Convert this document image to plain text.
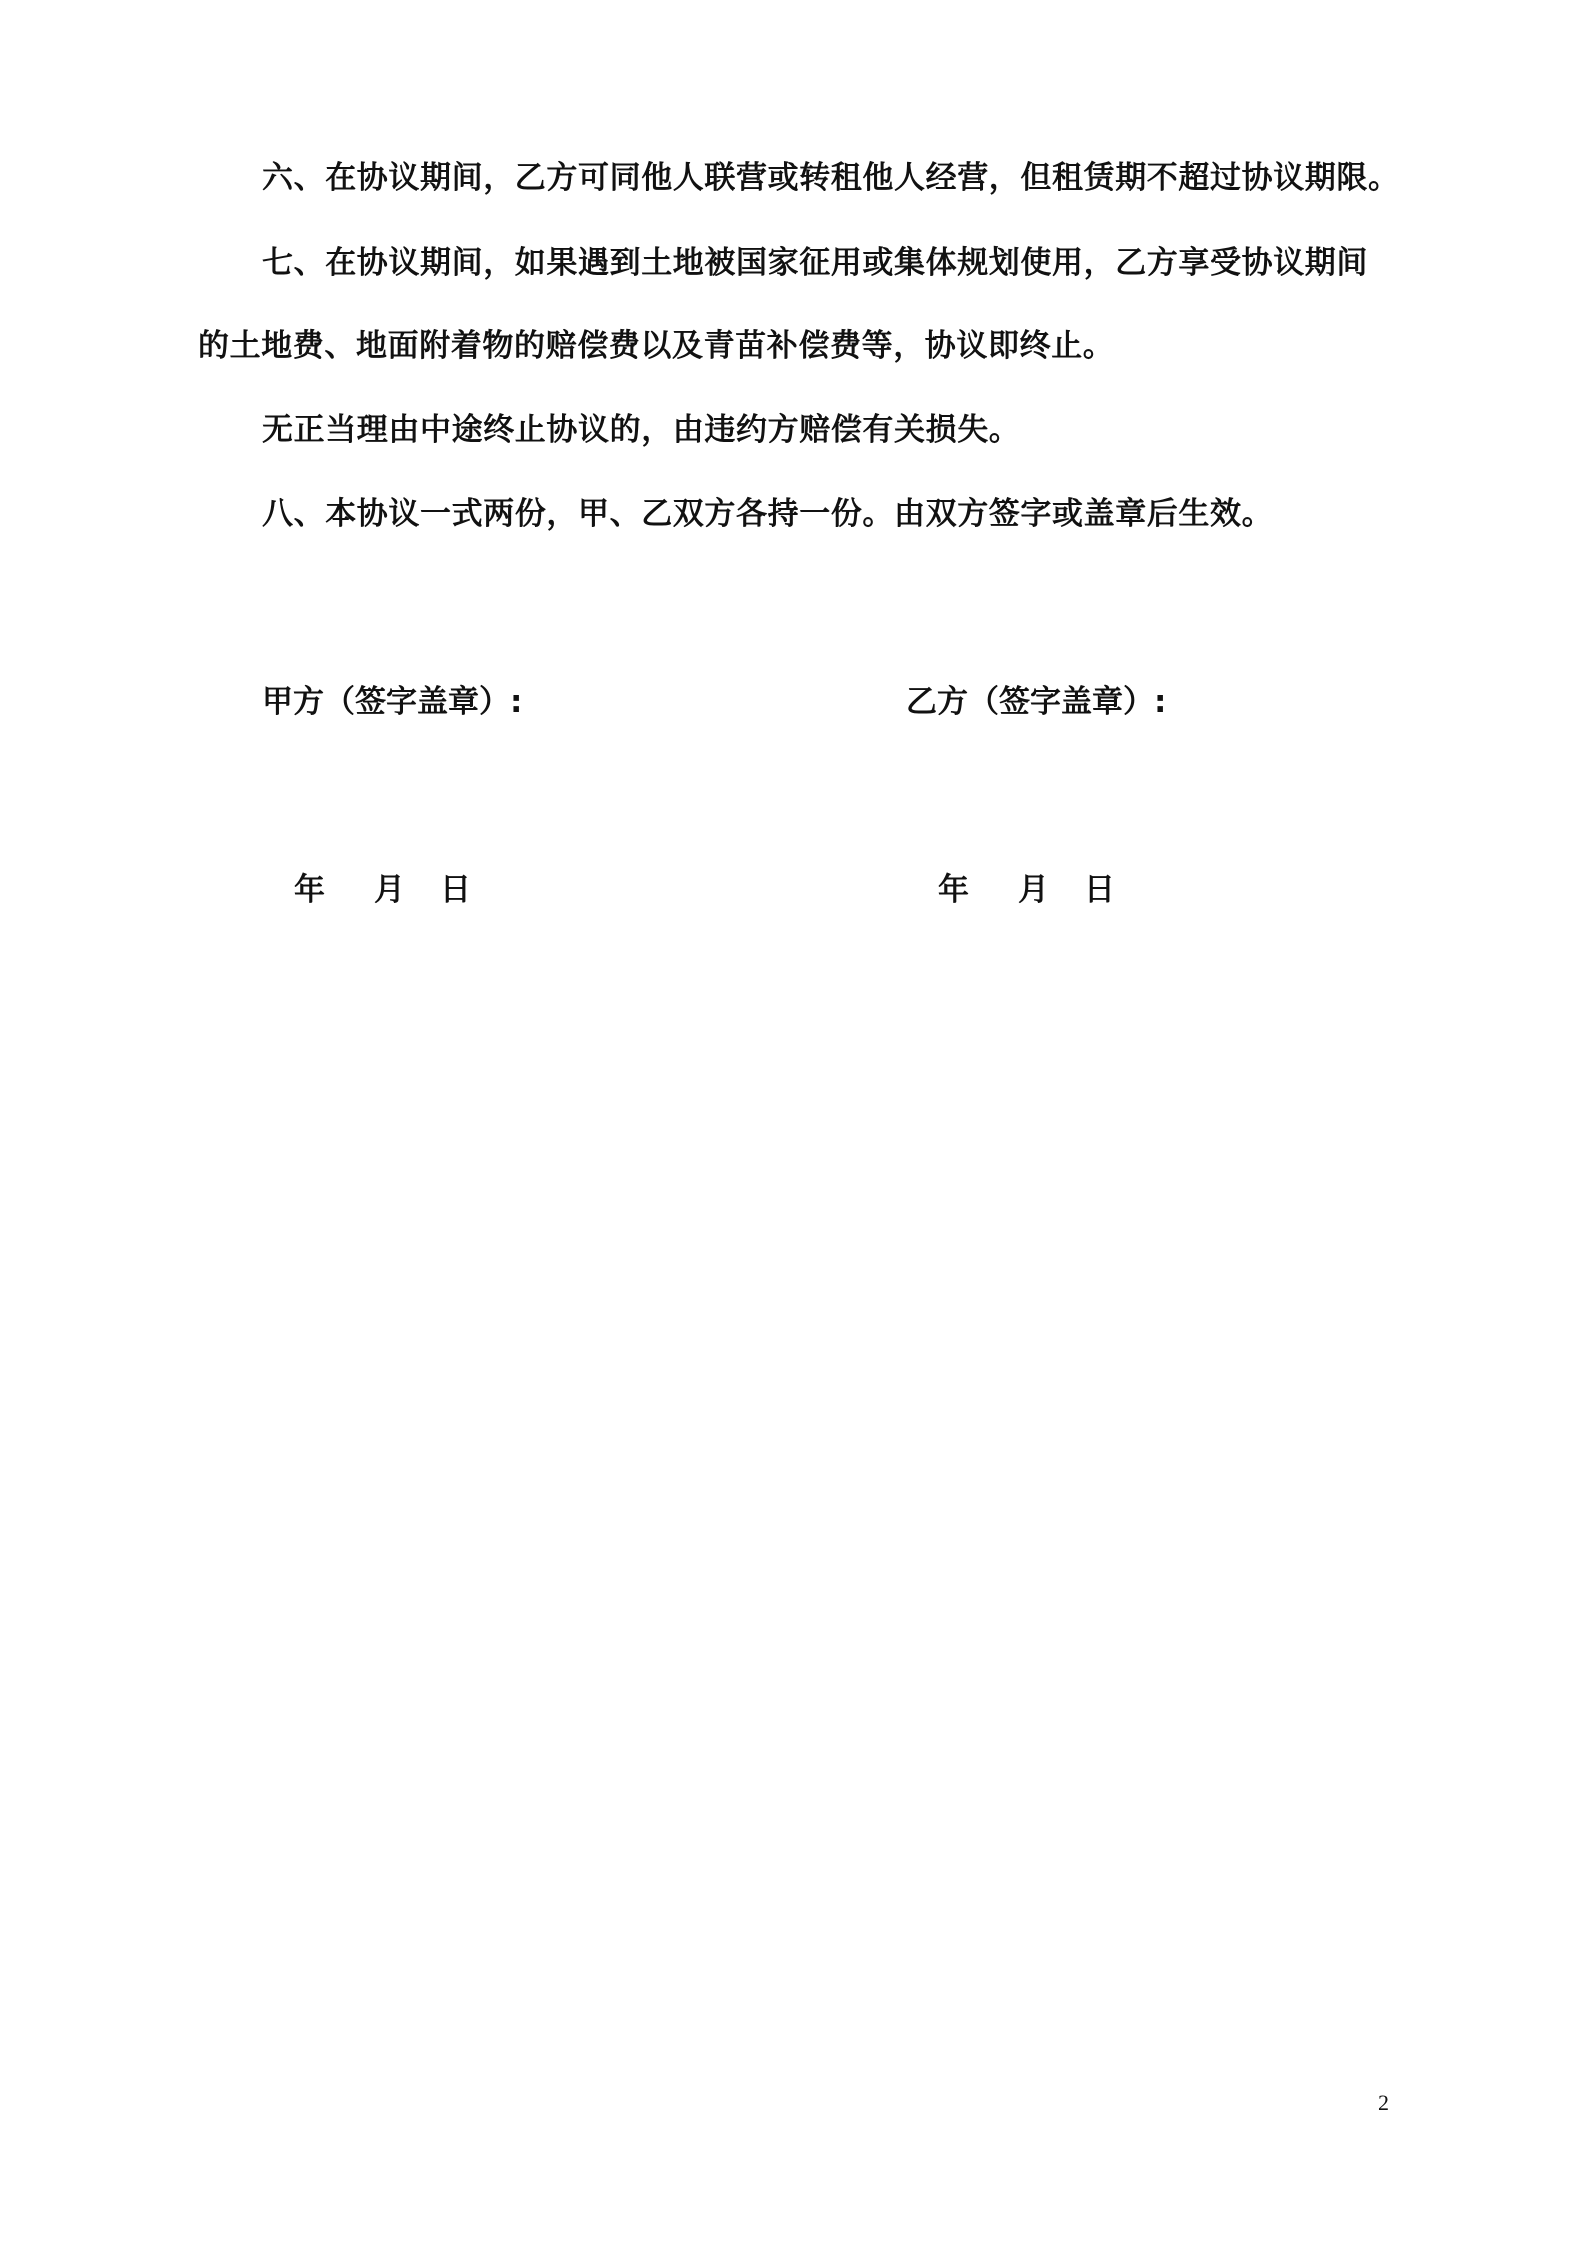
六、在协议期间，乙方可同他人联营或转租他人经营，但租赁期不超过协议期限。
七、在协议期间，如果遇到土地被国家征用或集体规划使用，乙方享受协议期间
的土地费、地面附着物的赔偿费以及青苗补偿费等，协议即终止。
无正当理由中途终止协议的，由违约方赔偿有关损失。
八、本协议一式两份，甲、乙双方各持一份。由双方签字或盖章后生效。
甲方（签字盖章）:	乙方（签字盖章）:
年 月 日	年 月 日
2
